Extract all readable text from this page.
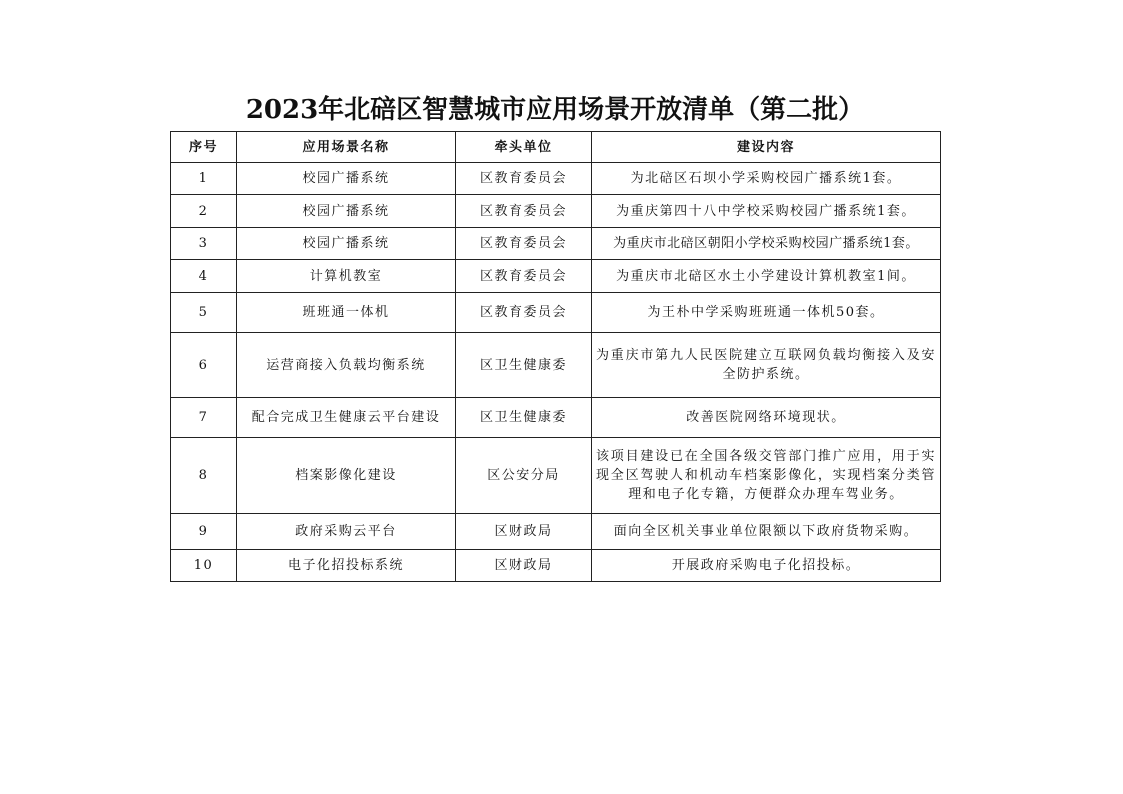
2023年北碚区智慧城市应用场景开放清单（第二批）
序号	应用场景名称	牵头单位	建设内容
1	校园广播系统	区教育委员会	为北碚区石坝小学采购校园广播系统1套。
2	校园广播系统	区教育委员会	为重庆第四十八中学校采购校园广播系统1套。
3	校园广播系统	区教育委员会	为重庆市北碚区朝阳小学校采购校园广播系统1套。
4	计算机教室	区教育委员会	为重庆市北碚区水土小学建设计算机教室1间。
5	班班通一体机	区教育委员会	为王朴中学采购班班通一体机50套。
6	运营商接入负载均衡系统	区卫生健康委	为重庆市第九人民医院建立互联网负载均衡接入及安全防护系统。
7	配合完成卫生健康云平台建设	区卫生健康委	改善医院网络环境现状。
8	档案影像化建设	区公安分局	该项目建设已在全国各级交管部门推广应用，用于实现全区驾驶人和机动车档案影像化，实现档案分类管理和电子化专籍，方便群众办理车驾业务。
9	政府采购云平台	区财政局	面向全区机关事业单位限额以下政府货物采购。
10	电子化招投标系统	区财政局	开展政府采购电子化招投标。
